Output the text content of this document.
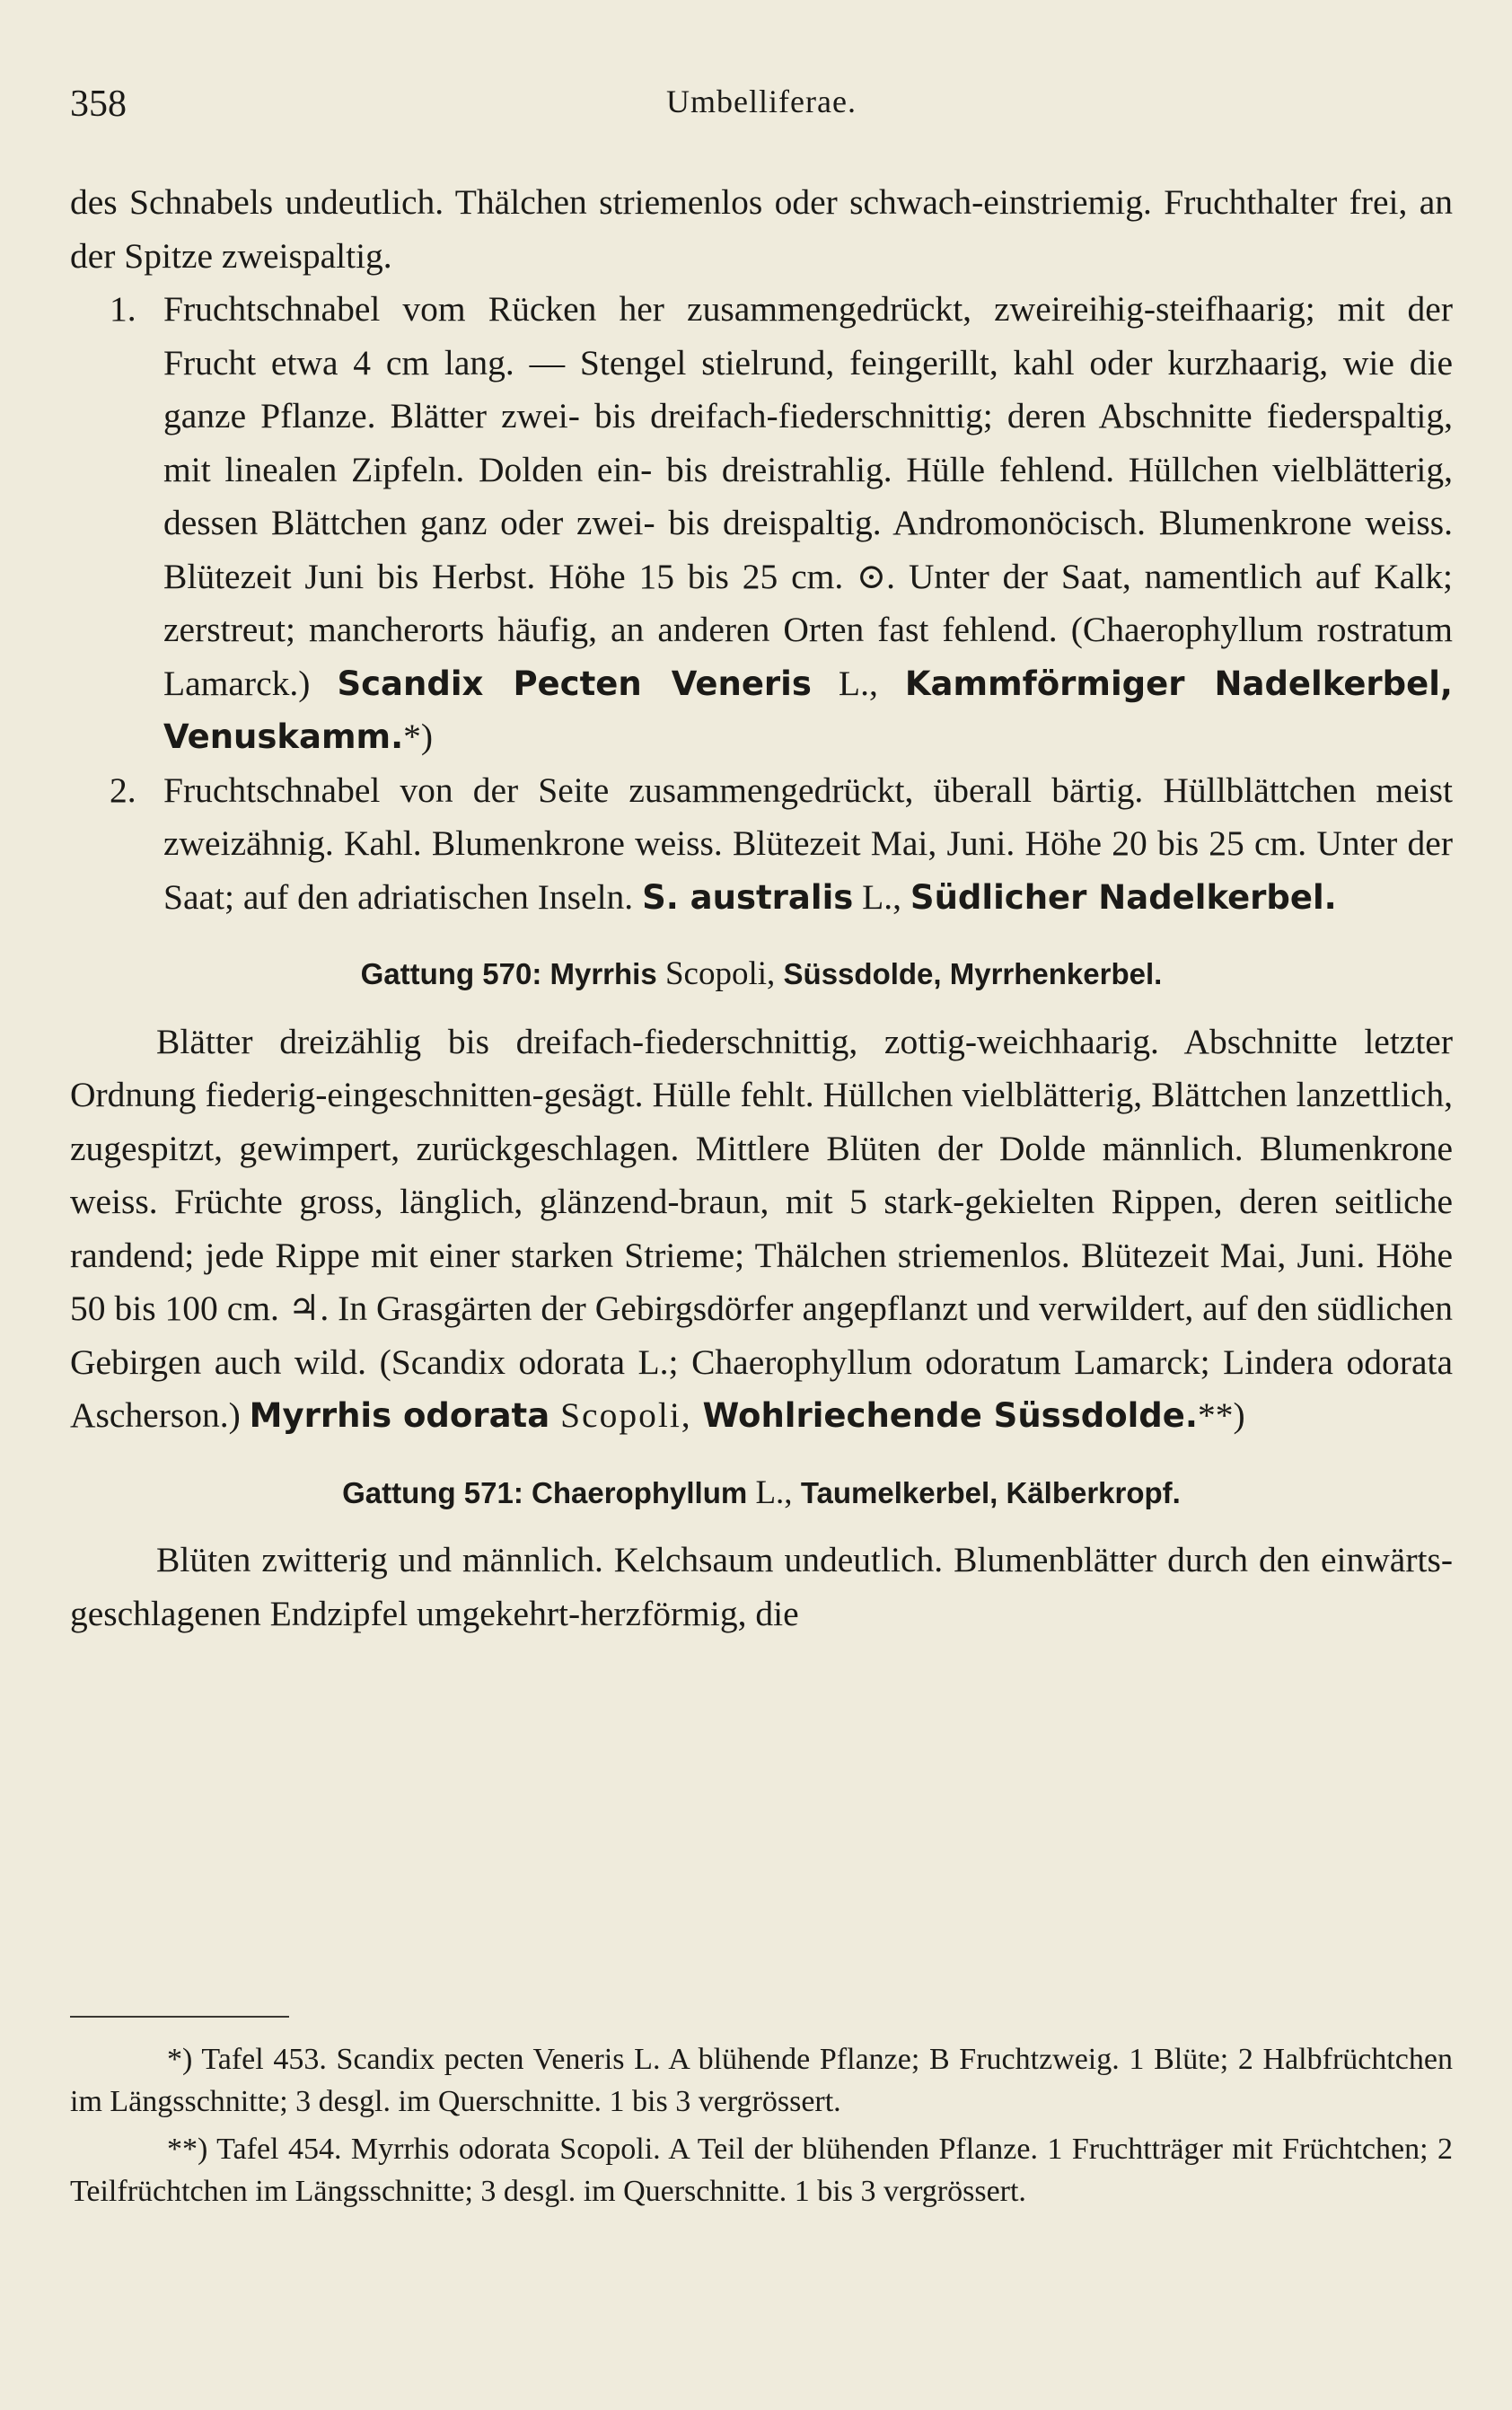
358	Umbelliferae.

des Schnabels undeutlich. Thälchen striemenlos oder schwach-einstriemig. Fruchthalter frei, an der Spitze zweispaltig.

1. Fruchtschnabel vom Rücken her zusammengedrückt, zweireihig-steifhaarig; mit der Frucht etwa 4 cm lang. — Stengel stielrund, feingerillt, kahl oder kurzhaarig, wie die ganze Pflanze. Blätter zwei- bis dreifach-fiederschnittig; deren Abschnitte fiederspaltig, mit linealen Zipfeln. Dolden ein- bis dreistrahlig. Hülle fehlend. Hüllchen vielblätterig, dessen Blättchen ganz oder zwei- bis dreispaltig. Andromonöcisch. Blumenkrone weiss. Blütezeit Juni bis Herbst. Höhe 15 bis 25 cm. ⊙. Unter der Saat, namentlich auf Kalk; zerstreut; mancherorts häufig, an anderen Orten fast fehlend. (Chaerophyllum rostratum Lamarck.) Scandix Pecten Veneris L., Kammförmiger Nadelkerbel, Venuskamm.*)
2. Fruchtschnabel von der Seite zusammengedrückt, überall bärtig. Hüllblättchen meist zweizähnig. Kahl. Blumenkrone weiss. Blütezeit Mai, Juni. Höhe 20 bis 25 cm. Unter der Saat; auf den adriatischen Inseln. S. australis L., Südlicher Nadelkerbel.
Gattung 570: Myrrhis Scopoli, Süssdolde, Myrrhenkerbel.

Blätter dreizählig bis dreifach-fiederschnittig, zottig-weichhaarig. Abschnitte letzter Ordnung fiederig-eingeschnitten-gesägt. Hülle fehlt. Hüllchen vielblätterig, Blättchen lanzettlich, zugespitzt, gewimpert, zurückgeschlagen. Mittlere Blüten der Dolde männlich. Blumenkrone weiss. Früchte gross, länglich, glänzend-braun, mit 5 stark-gekielten Rippen, deren seitliche randend; jede Rippe mit einer starken Strieme; Thälchen striemenlos. Blütezeit Mai, Juni. Höhe 50 bis 100 cm. ♃. In Grasgärten der Gebirgsdörfer angepflanzt und verwildert, auf den südlichen Gebirgen auch wild. (Scandix odorata L.; Chaerophyllum odoratum Lamarck; Lindera odorata Ascherson.) Myrrhis odorata Scopoli, Wohlriechende Süssdolde.**)

Gattung 571: Chaerophyllum L., Taumelkerbel, Kälberkropf.

Blüten zwitterig und männlich. Kelchsaum undeutlich. Blumenblätter durch den einwärts-geschlagenen Endzipfel umgekehrt-herzförmig, die

*) Tafel 453. Scandix pecten Veneris L. A blühende Pflanze; B Fruchtzweig. 1 Blüte; 2 Halbfrüchtchen im Längsschnitte; 3 desgl. im Querschnitte. 1 bis 3 vergrössert.

**) Tafel 454. Myrrhis odorata Scopoli. A Teil der blühenden Pflanze. 1 Fruchtträger mit Früchtchen; 2 Teilfrüchtchen im Längsschnitte; 3 desgl. im Querschnitte. 1 bis 3 vergrössert.
